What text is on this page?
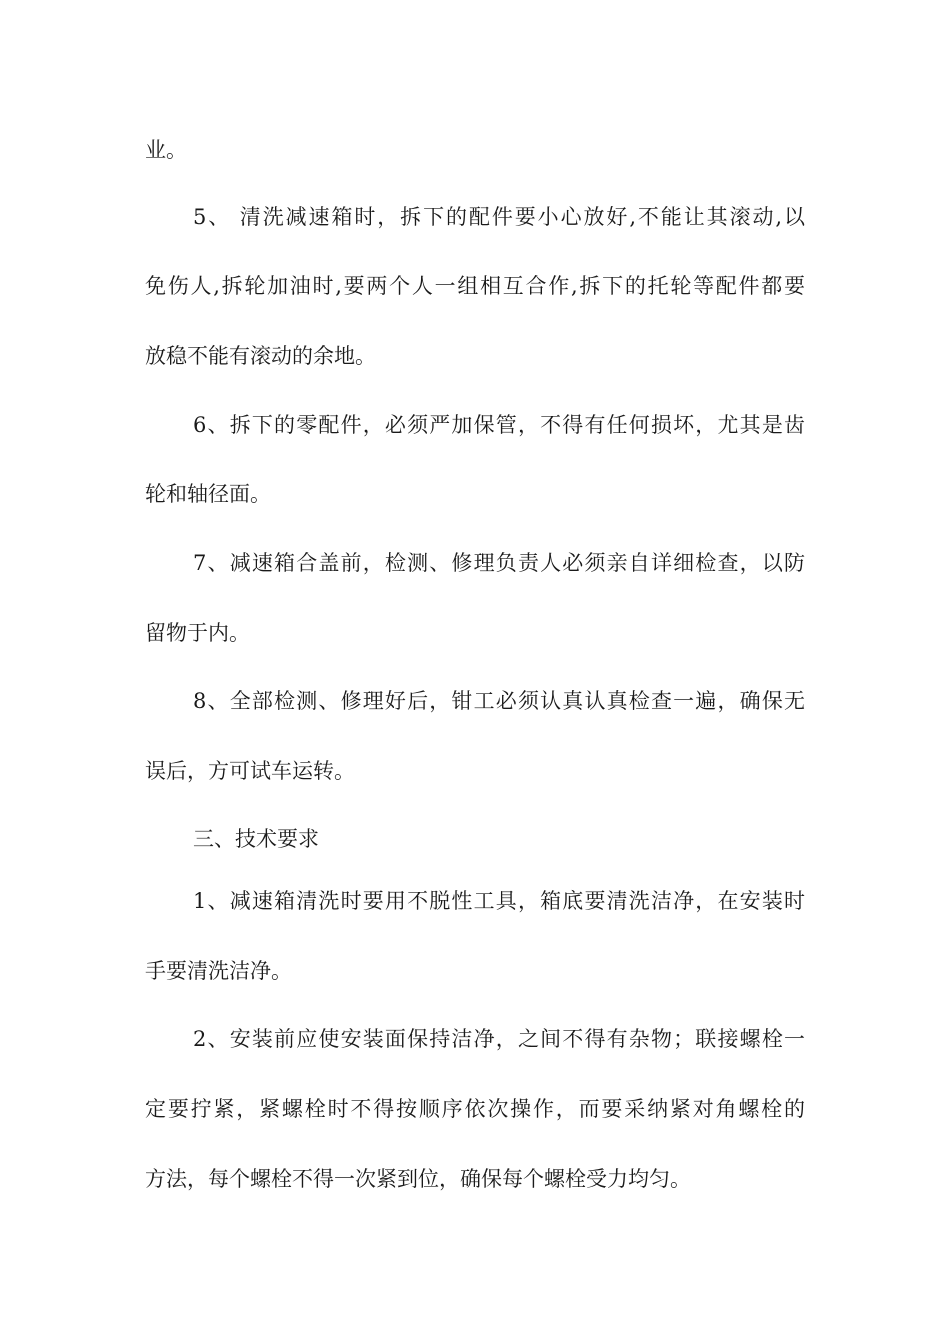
业。

5、 清洗减速箱时，拆下的配件要小心放好,不能让其滚动,以

免伤人,拆轮加油时,要两个人一组相互合作,拆下的托轮等配件都要

放稳不能有滚动的余地。

6、拆下的零配件，必须严加保管，不得有任何损坏，尤其是齿

轮和轴径面。

7、减速箱合盖前，检测、修理负责人必须亲自详细检查，以防

留物于内。

8、全部检测、修理好后，钳工必须认真认真检查一遍，确保无

误后，方可试车运转。

三、技术要求

1、减速箱清洗时要用不脱性工具，箱底要清洗洁净，在安装时

手要清洗洁净。

2、安装前应使安装面保持洁净，之间不得有杂物；联接螺栓一

定要拧紧，紧螺栓时不得按顺序依次操作，而要采纳紧对角螺栓的

方法，每个螺栓不得一次紧到位，确保每个螺栓受力均匀。
